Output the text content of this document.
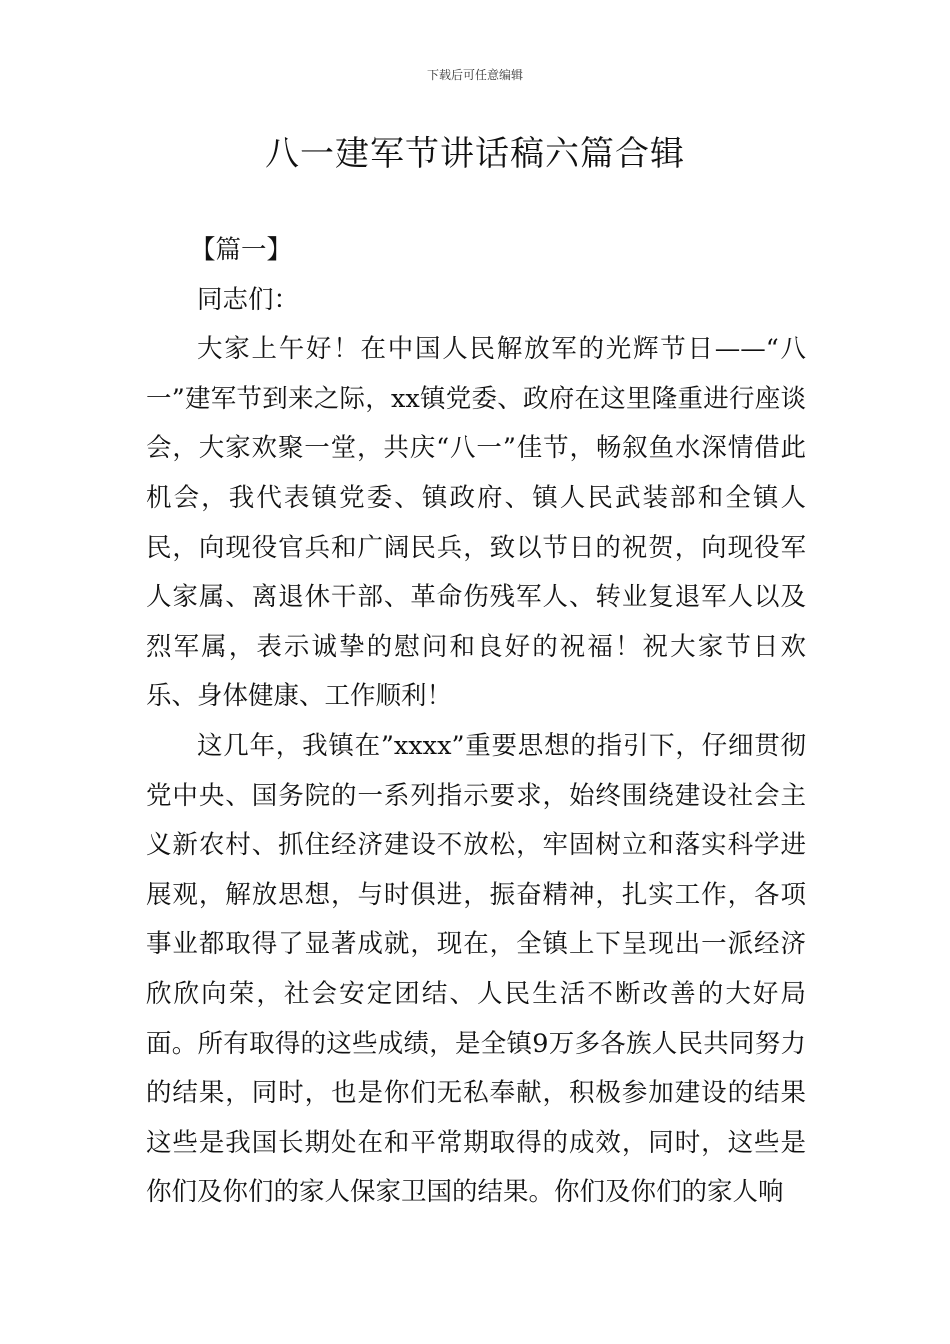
下载后可任意编辑
八一建军节讲话稿六篇合辑

【篇一】

同志们：

大家上午好！在中国人民解放军的光辉节日——“八一”建军节到来之际，xx镇党委、政府在这里隆重进行座谈会，大家欢聚一堂，共庆“八一”佳节，畅叙鱼水深情借此机会，我代表镇党委、镇政府、镇人民武装部和全镇人民，向现役官兵和广阔民兵，致以节日的祝贺，向现役军人家属、离退休干部、革命伤残军人、转业复退军人以及烈军属，表示诚挚的慰问和良好的祝福！祝大家节日欢乐、身体健康、工作顺利！

这几年，我镇在”xxxx”重要思想的指引下，仔细贯彻党中央、国务院的一系列指示要求，始终围绕建设社会主义新农村、抓住经济建设不放松，牢固树立和落实科学进展观，解放思想，与时俱进，振奋精神，扎实工作，各项事业都取得了显著成就，现在，全镇上下呈现出一派经济欣欣向荣，社会安定团结、人民生活不断改善的大好局面。所有取得的这些成绩，是全镇9万多各族人民共同努力的结果，同时，也是你们无私奉献，积极参加建设的结果这些是我国长期处在和平常期取得的成效，同时，这些是你们及你们的家人保家卫国的结果。你们及你们的家人响
